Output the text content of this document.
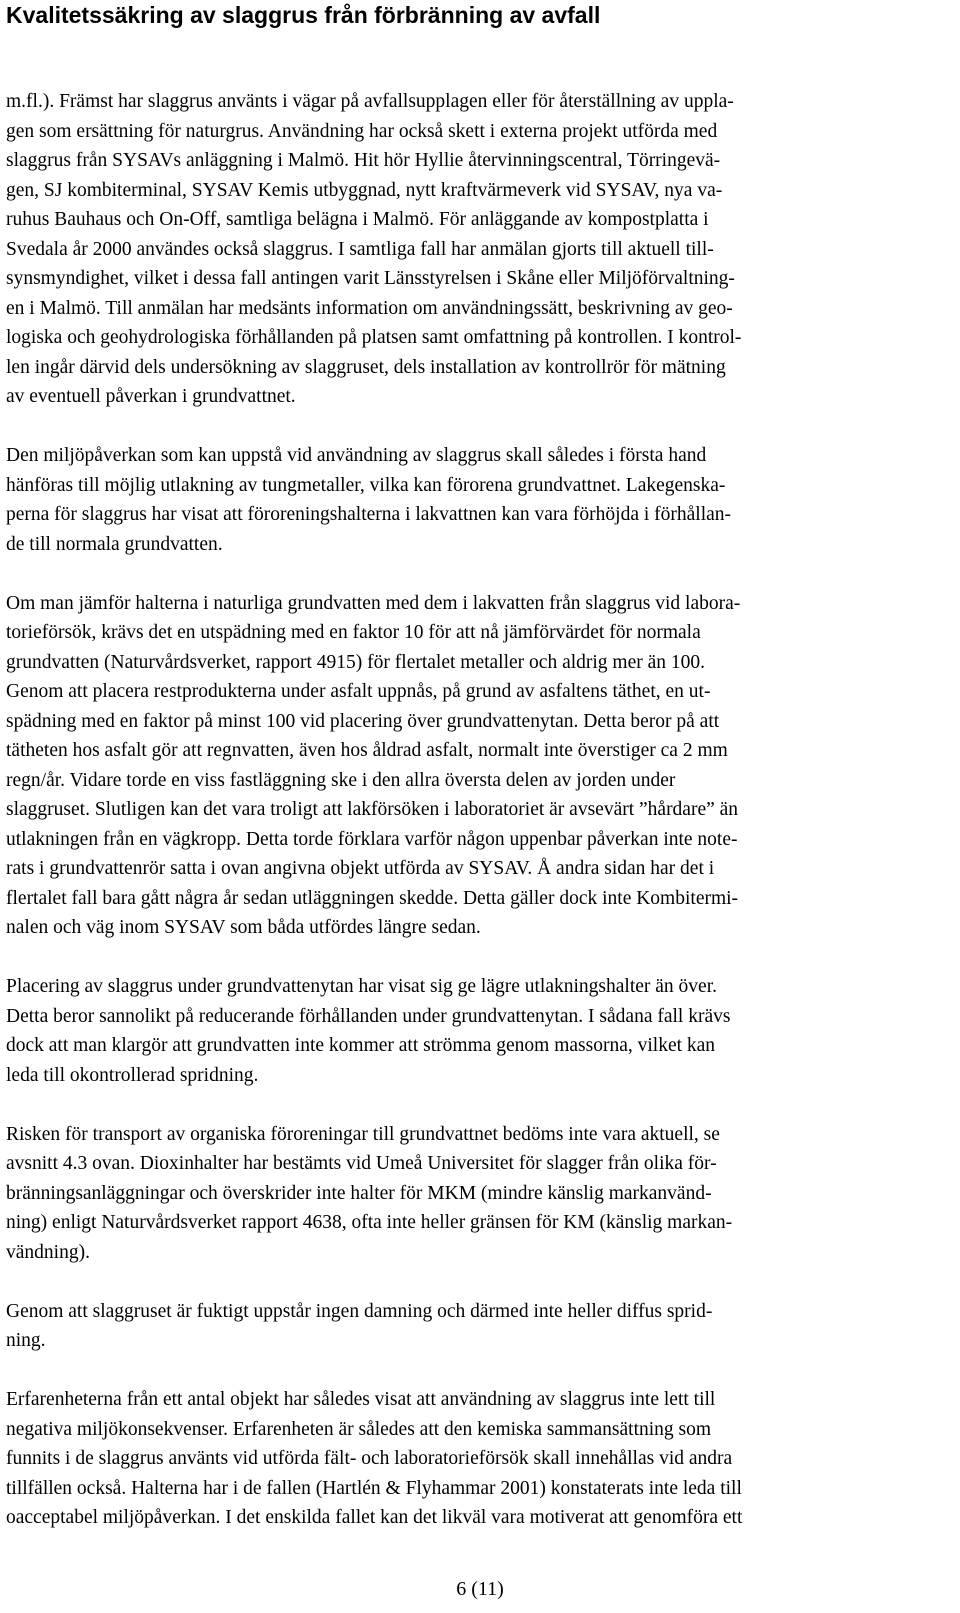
Kvalitetssäkring av slaggrus från förbränning av avfall

m.fl.). Främst har slaggrus använts i vägar på avfallsupplagen eller för återställning av uppla-
gen som ersättning för naturgrus. Användning har också skett i externa projekt utförda med
slaggrus från SYSAVs anläggning i Malmö. Hit hör Hyllie återvinningscentral, Törringevä-
gen, SJ kombiterminal, SYSAV Kemis utbyggnad, nytt kraftvärmeverk vid SYSAV, nya va-
ruhus Bauhaus och On-Off, samtliga belägna i Malmö. För anläggande av kompostplatta i
Svedala år 2000 användes också slaggrus. I samtliga fall har anmälan gjorts till aktuell till-
synsmyndighet, vilket i dessa fall antingen varit Länsstyrelsen i Skåne eller Miljöförvaltning-
en i Malmö. Till anmälan har medsänts information om användningssätt, beskrivning av geo-
logiska och geohydrologiska förhållanden på platsen samt omfattning på kontrollen. I kontrol-
len ingår därvid dels undersökning av slaggruset, dels installation av kontrollrör för mätning
av eventuell påverkan i grundvattnet.

Den miljöpåverkan som kan uppstå vid användning av slaggrus skall således i första hand
hänföras till möjlig utlakning av tungmetaller, vilka kan förorena grundvattnet. Lakegenska-
perna för slaggrus har visat att föroreningshalterna i lakvattnen kan vara förhöjda i förhållan-
de till normala grundvatten.

Om man jämför halterna i naturliga grundvatten med dem i lakvatten från slaggrus vid labora-
torieförsök, krävs det en utspädning med en faktor 10 för att nå jämförvärdet för normala
grundvatten (Naturvårdsverket, rapport 4915) för flertalet metaller och aldrig mer än 100.
Genom att placera restprodukterna under asfalt uppnås, på grund av asfaltens täthet, en ut-
spädning med en faktor på minst 100 vid placering över grundvattenytan. Detta beror på att
tätheten hos asfalt gör att regnvatten, även hos åldrad asfalt, normalt inte överstiger ca 2 mm
regn/år. Vidare torde en viss fastläggning ske i den allra översta delen av jorden under
slaggruset. Slutligen kan det vara troligt att lakförsöken i laboratoriet är avsevärt ”hårdare” än
utlakningen från en vägkropp. Detta torde förklara varför någon uppenbar påverkan inte note-
rats i grundvattenrör satta i ovan angivna objekt utförda av SYSAV. Å andra sidan har det i
flertalet fall bara gått några år sedan utläggningen skedde. Detta gäller dock inte Kombitermi-
nalen och väg inom SYSAV som båda utfördes längre sedan.

Placering av slaggrus under grundvattenytan har visat sig ge lägre utlakningshalter än över.
Detta beror sannolikt på reducerande förhållanden under grundvattenytan. I sådana fall krävs
dock att man klargör att grundvatten inte kommer att strömma genom massorna, vilket kan
leda till okontrollerad spridning.

Risken för transport av organiska föroreningar till grundvattnet bedöms inte vara aktuell, se
avsnitt 4.3 ovan. Dioxinhalter har bestämts vid Umeå Universitet för slagger från olika för-
bränningsanläggningar och överskrider inte halter för MKM (mindre känslig markanvänd-
ning) enligt Naturvårdsverket rapport 4638, ofta inte heller gränsen för KM (känslig markan-
vändning).

Genom att slaggruset är fuktigt uppstår ingen damning och därmed inte heller diffus sprid-
ning.

Erfarenheterna från ett antal objekt har således visat att användning av slaggrus inte lett till
negativa miljökonsekvenser. Erfarenheten är således att den kemiska sammansättning som
funnits i de slaggrus använts vid utförda fält- och laboratorieförsök skall innehållas vid andra
tillfällen också. Halterna har i de fallen (Hartlén & Flyhammar 2001) konstaterats inte leda till
oacceptabel miljöpåverkan. I det enskilda fallet kan det likväl vara motiverat att genomföra ett

6 (11)
